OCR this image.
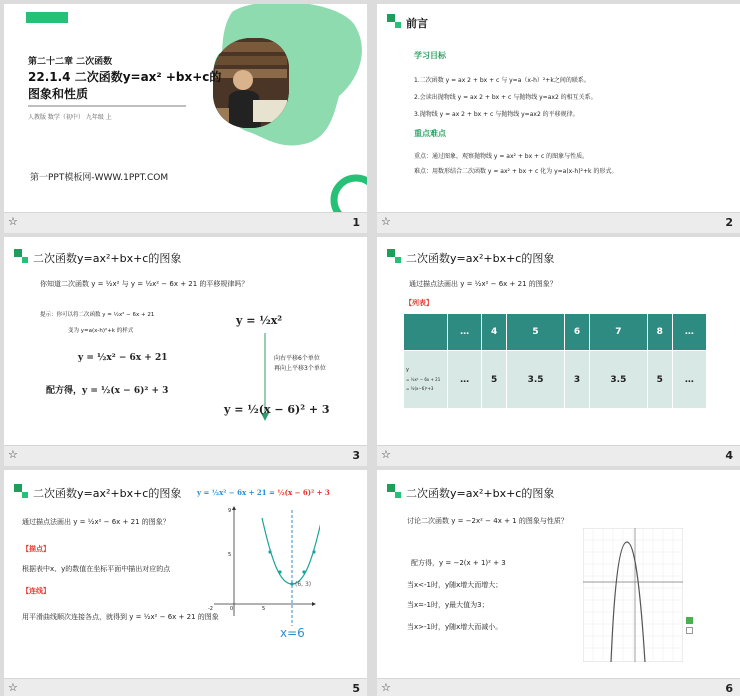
第二十二章 二次函数
22.1.4 二次函数y=ax² +bx+c的
图象和性质
人教版 数学（初中） 九年级 上
第一PPT模板网-WWW.1PPT.COM
☆	1
前言
学习目标
1.二次函数 y = ax 2 + bx + c 与 y=a（x-h）²+k之间的联系。
2.会读出抛物线 y = ax 2 + bx + c 与抛物线 y=ax2 的相互关系。
3.抛物线 y = ax 2 + bx + c 与抛物线 y=ax2 的平移规律。
重点难点
重点：通过图象，观察抛物线 y = ax² + bx + c 的图象与性质。
难点：用数形结合二次函数 y = ax² + bx + c 化为 y=a(x-h)²+k 的形式。
☆	2
二次函数y=ax²+bx+c的图象
你知道二次函数 y = ½x² 与 y = ½x² − 6x + 21 的平移规律吗？
提示：你可以将二次函数 y = ½x² − 6x + 21
变为 y=a(x-h)²+k 的样式
y = ½x² − 6x + 21
配方得，y = ½(x − 6)² + 3
y = ½x²
向右平移6个单位
再向上平移3个单位
y = ½(x − 6)² + 3
☆	3
二次函数y=ax²+bx+c的图象
通过描点法画出 y = ½x² − 6x + 21 的图象？
【列表】
	…	4	5	6	7	8	…

y
= ½x² − 6x + 21
= ½(x−6)²+3	…	5	3.5	3	3.5	5	…
☆	4
二次函数y=ax²+bx+c的图象 y = ½x² − 6x + 21 = ½(x − 6)² + 3
通过描点法画出 y = ½x² − 6x + 21 的图象？
【描点】
根据表中x、y的数值在坐标平面中描出对应的点
【连线】
用平滑曲线顺次连接各点，就得到 y = ½x² − 6x + 21 的图象
9
5
0
-2	5
(6, 3)
x=6
☆	5
二次函数y=ax²+bx+c的图象
讨论二次函数 y = −2x² − 4x + 1 的图象与性质？
配方得，y = −2(x + 1)² + 3
当x<-1时，y随x增大而增大；
当x=-1时，y最大值为3；
当x>-1时，y随x增大而减小。
☆	6
